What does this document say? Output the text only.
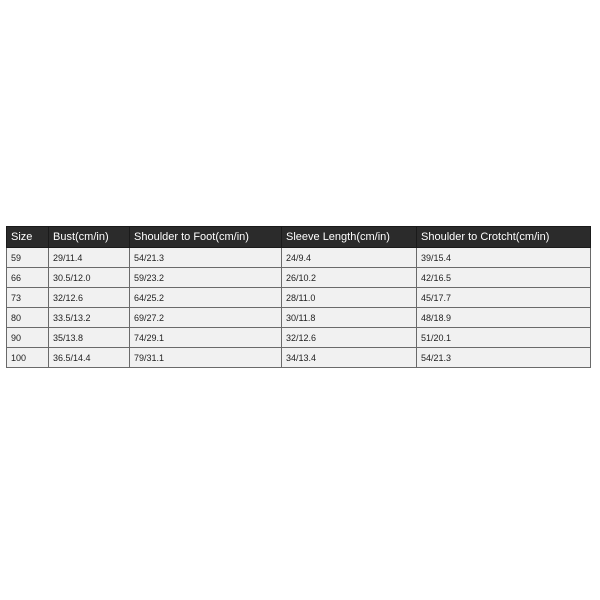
Size	Bust(cm/in)	Shoulder to Foot(cm/in)	Sleeve Length(cm/in)	Shoulder to Crotcht(cm/in)
59	29/11.4	54/21.3	24/9.4	39/15.4
66	30.5/12.0	59/23.2	26/10.2	42/16.5
73	32/12.6	64/25.2	28/11.0	45/17.7
80	33.5/13.2	69/27.2	30/11.8	48/18.9
90	35/13.8	74/29.1	32/12.6	51/20.1
100	36.5/14.4	79/31.1	34/13.4	54/21.3
